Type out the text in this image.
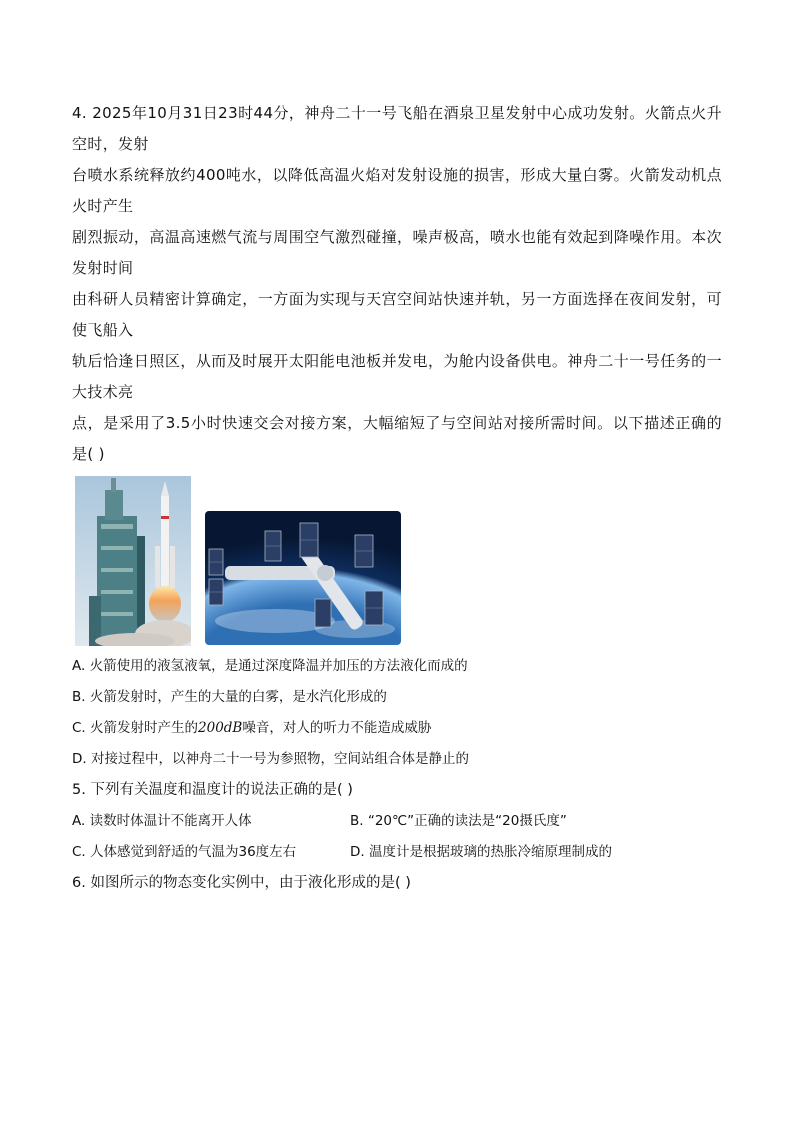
4. 2025年10月31日23时44分，神舟二十一号飞船在酒泉卫星发射中心成功发射。火箭点火升空时，发射
台喷水系统释放约400吨水，以降低高温火焰对发射设施的损害，形成大量白雾。火箭发动机点火时产生
剧烈振动，高温高速燃气流与周围空气激烈碰撞，噪声极高，喷水也能有效起到降噪作用。本次发射时间
由科研人员精密计算确定，一方面为实现与天宫空间站快速并轨，另一方面选择在夜间发射，可使飞船入
轨后恰逢日照区，从而及时展开太阳能电池板并发电，为舱内设备供电。神舟二十一号任务的一大技术亮
点，是采用了3.5小时快速交会对接方案，大幅缩短了与空间站对接所需时间。以下描述正确的是( )

A. 火箭使用的液氢液氧，是通过深度降温并加压的方法液化而成的

B. 火箭发射时，产生的大量的白雾，是水汽化形成的

C. 火箭发射时产生的200dB噪音，对人的听力不能造成威胁

D. 对接过程中，以神舟二十一号为参照物，空间站组合体是静止的

5. 下列有关温度和温度计的说法正确的是( )

A. 读数时体温计不能离开人体	B. “20℃”正确的读法是“20摄氏度”
C. 人体感觉到舒适的气温为36度左右	D. 温度计是根据玻璃的热胀冷缩原理制成的

6. 如图所示的物态变化实例中，由于液化形成的是( )
